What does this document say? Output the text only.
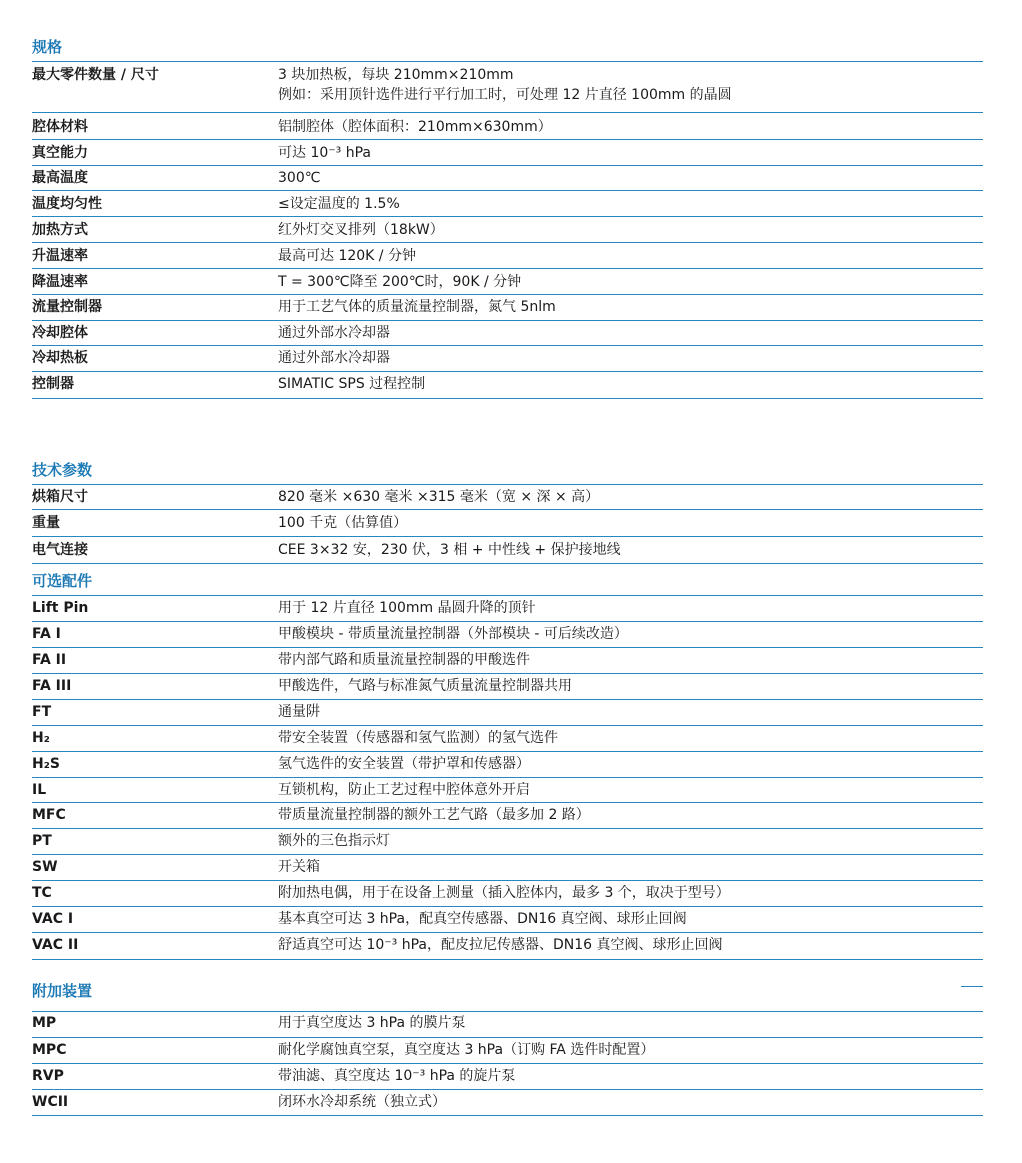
规格
最大零件数量 / 尺寸	3 块加热板，每块 210mm×210mm
例如：采用顶针选件进行平行加工时，可处理 12 片直径 100mm 的晶圆
腔体材料	铝制腔体（腔体面积：210mm×630mm）
真空能力	可达 10⁻³ hPa
最高温度	300℃
温度均匀性	≤设定温度的 1.5%
加热方式	红外灯交叉排列（18kW）
升温速率	最高可达 120K / 分钟
降温速率	T = 300℃降至 200℃时，90K / 分钟
流量控制器	用于工艺气体的质量流量控制器，氮气 5nlm
冷却腔体	通过外部水冷却器
冷却热板	通过外部水冷却器
控制器	SIMATIC SPS 过程控制
技术参数
烘箱尺寸	820 毫米 ×630 毫米 ×315 毫米（宽 × 深 × 高）
重量	100 千克（估算值）
电气连接	CEE 3×32 安，230 伏，3 相 + 中性线 + 保护接地线
可选配件
Lift Pin	用于 12 片直径 100mm 晶圆升降的顶针
FA I	甲酸模块 - 带质量流量控制器（外部模块 - 可后续改造）
FA II	带内部气路和质量流量控制器的甲酸选件
FA III	甲酸选件，气路与标准氮气质量流量控制器共用
FT	通量阱
H₂	带安全装置（传感器和氢气监测）的氢气选件
H₂S	氢气选件的安全装置（带护罩和传感器）
IL	互锁机构，防止工艺过程中腔体意外开启
MFC	带质量流量控制器的额外工艺气路（最多加 2 路）
PT	额外的三色指示灯
SW	开关箱
TC	附加热电偶，用于在设备上测量（插入腔体内，最多 3 个，取决于型号）
VAC I	基本真空可达 3 hPa，配真空传感器、DN16 真空阀、球形止回阀
VAC II	舒适真空可达 10⁻³ hPa，配皮拉尼传感器、DN16 真空阀、球形止回阀
附加装置
MP	用于真空度达 3 hPa 的膜片泵
MPC	耐化学腐蚀真空泵，真空度达 3 hPa（订购 FA 选件时配置）
RVP	带油滤、真空度达 10⁻³ hPa 的旋片泵
WCII	闭环水冷却系统（独立式）
